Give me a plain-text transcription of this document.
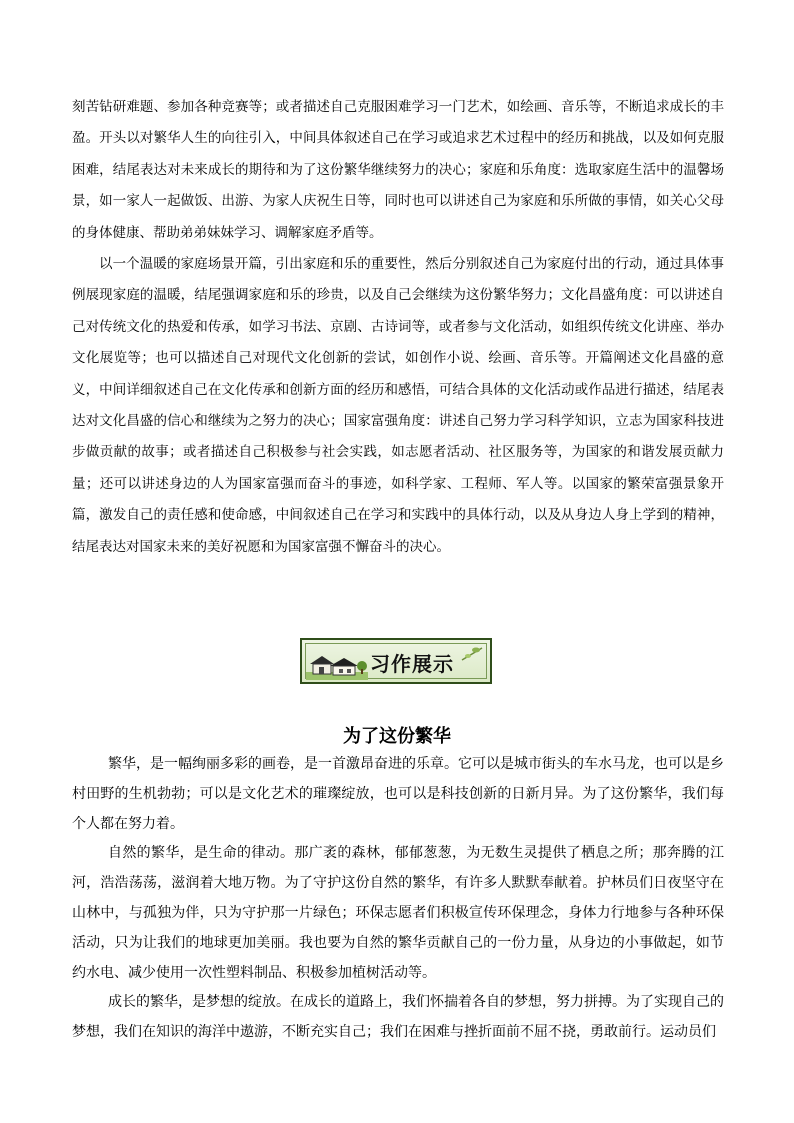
刻苦钻研难题、参加各种竞赛等；或者描述自己克服困难学习一门艺术，如绘画、音乐等，不断追求成长的丰盈。开头以对繁华人生的向往引入，中间具体叙述自己在学习或追求艺术过程中的经历和挑战，以及如何克服困难，结尾表达对未来成长的期待和为了这份繁华继续努力的决心；家庭和乐角度：选取家庭生活中的温馨场景，如一家人一起做饭、出游、为家人庆祝生日等，同时也可以讲述自己为家庭和乐所做的事情，如关心父母的身体健康、帮助弟弟妹妹学习、调解家庭矛盾等。

以一个温暖的家庭场景开篇，引出家庭和乐的重要性，然后分别叙述自己为家庭付出的行动，通过具体事例展现家庭的温暖，结尾强调家庭和乐的珍贵，以及自己会继续为这份繁华努力；文化昌盛角度：可以讲述自己对传统文化的热爱和传承，如学习书法、京剧、古诗词等，或者参与文化活动，如组织传统文化讲座、举办文化展览等；也可以描述自己对现代文化创新的尝试，如创作小说、绘画、音乐等。开篇阐述文化昌盛的意义，中间详细叙述自己在文化传承和创新方面的经历和感悟，可结合具体的文化活动或作品进行描述，结尾表达对文化昌盛的信心和继续为之努力的决心；国家富强角度：讲述自己努力学习科学知识，立志为国家科技进步做贡献的故事；或者描述自己积极参与社会实践，如志愿者活动、社区服务等，为国家的和谐发展贡献力量；还可以讲述身边的人为国家富强而奋斗的事迹，如科学家、工程师、军人等。以国家的繁荣富强景象开篇，激发自己的责任感和使命感，中间叙述自己在学习和实践中的具体行动，以及从身边人身上学到的精神，结尾表达对国家未来的美好祝愿和为国家富强不懈奋斗的决心。

习作展示
为了这份繁华

繁华，是一幅绚丽多彩的画卷，是一首激昂奋进的乐章。它可以是城市街头的车水马龙，也可以是乡村田野的生机勃勃；可以是文化艺术的璀璨绽放，也可以是科技创新的日新月异。为了这份繁华，我们每个人都在努力着。

自然的繁华，是生命的律动。那广袤的森林，郁郁葱葱，为无数生灵提供了栖息之所；那奔腾的江河，浩浩荡荡，滋润着大地万物。为了守护这份自然的繁华，有许多人默默奉献着。护林员们日夜坚守在山林中，与孤独为伴，只为守护那一片绿色；环保志愿者们积极宣传环保理念，身体力行地参与各种环保活动，只为让我们的地球更加美丽。我也要为自然的繁华贡献自己的一份力量，从身边的小事做起，如节约水电、减少使用一次性塑料制品、积极参加植树活动等。

成长的繁华，是梦想的绽放。在成长的道路上，我们怀揣着各自的梦想，努力拼搏。为了实现自己的梦想，我们在知识的海洋中遨游，不断充实自己；我们在困难与挫折面前不屈不挠，勇敢前行。运动员们
